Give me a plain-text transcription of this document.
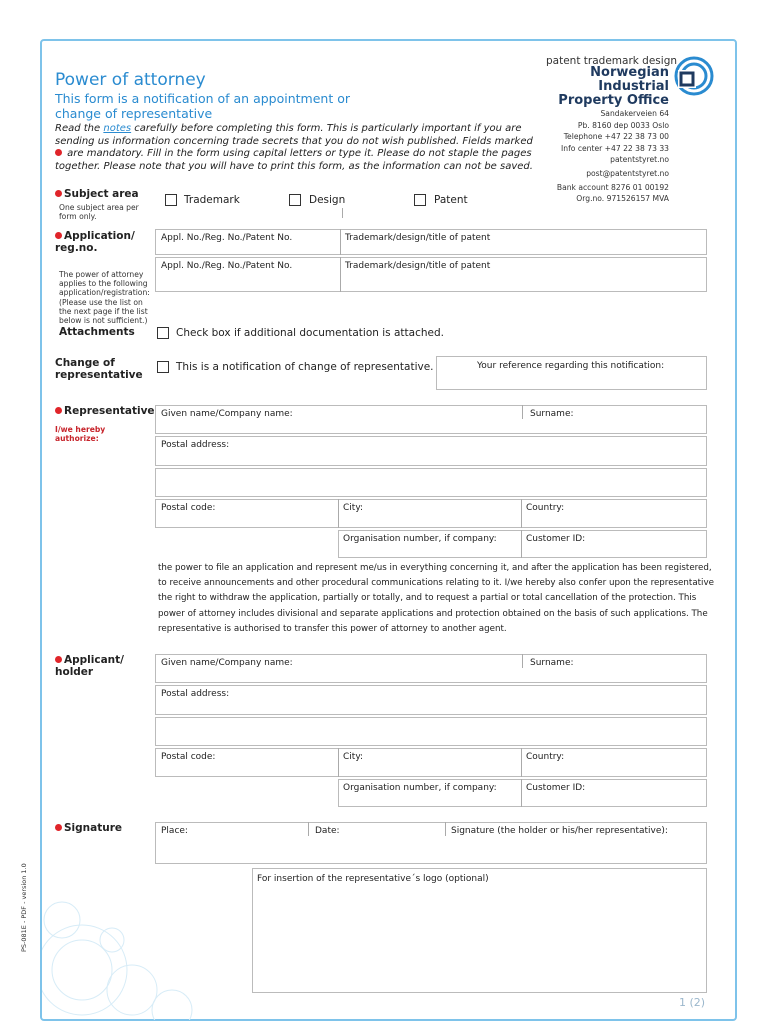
Power of attorney
This form is a notification of an appointment or change of representative
Read the notes carefully before completing this form. This is particularly important if you are sending us information concerning trade secrets that you do not wish published. Fields marked  are mandatory. Fill in the form using capital letters or type it. Please do not staple the pages together. Please note that you will have to print this form, as the information can not be saved.
patent trademark design
Norwegian Industrial
Property Office
Sandakerveien 64
Pb. 8160 dep 0033 Oslo
Telephone +47 22 38 73 00
Info center +47 22 38 73 33
patentstyret.no
post@patentstyret.no
Bank account 8276 01 00192
Org.no. 971526157 MVA
Subject area
One subject area per form only.
Trademark	Design	Patent
Application/
reg.no.
The power of attorney applies to the following application/registration: (Please use the list on the next page if the list below is not sufficient.)
Appl. No./Reg. No./Patent No.	Trademark/design/title of patent
Appl. No./Reg. No./Patent No.	Trademark/design/title of patent
Attachments	Check box if additional documentation is attached.
Change of
representative
This is a notification of change of representative.	Your reference regarding this notification:
Representative
I/we hereby
authorize:
Given name/Company name:	Surname:
Postal address:
Postal code:	City:	Country:
Organisation number, if company:	Customer ID:
the power to file an application and represent me/us in everything concerning it, and after the application has been registered, to receive announcements and other procedural communications relating to it. I/we hereby also confer upon the representative the right to withdraw the application, partially or totally, and to request a partial or total cancellation of the protection. This power of attorney includes divisional and separate applications and protection obtained on the basis of such applications. The representative is authorised to transfer this power of attorney to another agent.
Applicant/
holder
Given name/Company name:	Surname:
Postal address:
Postal code:	City:	Country:
Organisation number, if company:	Customer ID:
Signature	Place:	Date:	Signature (the holder or his/her representative):
For insertion of the representative´s logo (optional)
PS-081E - PDF - version 1.0
1 (2)
